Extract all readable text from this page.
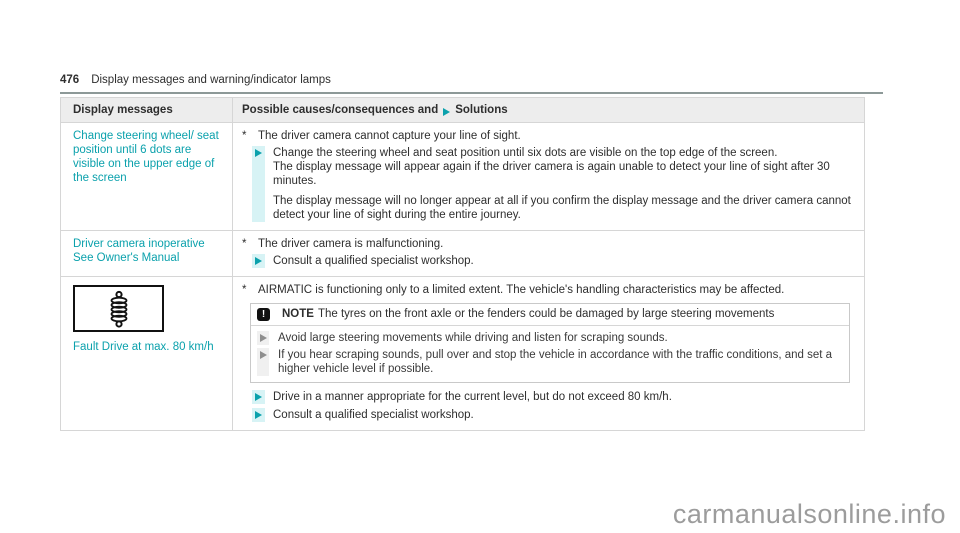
476 Display messages and warning/indicator lamps
Display messages	Possible causes/consequences and Solutions
Change steering wheel/ seat position until 6 dots are visible on the upper edge of the screen
*	The driver camera cannot capture your line of sight.
Change the steering wheel and seat position until six dots are visible on the top edge of the screen.
The display message will appear again if the driver camera is again unable to detect your line of sight after 30 minutes.
The display message will no longer appear at all if you confirm the display message and the driver camera cannot detect your line of sight during the entire journey.
Driver camera inoperative
See Owner's Manual
*	The driver camera is malfunctioning.
Consult a qualified specialist workshop.
Fault Drive at max. 80 km/h
*	AIRMATIC is functioning only to a limited extent. The vehicle's handling characteristics may be affected.
!	NOTE The tyres on the front axle or the fenders could be damaged by large steering movements
Avoid large steering movements while driving and listen for scraping sounds.
If you hear scraping sounds, pull over and stop the vehicle in accordance with the traffic conditions, and set a higher vehicle level if possible.
Drive in a manner appropriate for the current level, but do not exceed 80 km/h.
Consult a qualified specialist workshop.
carmanualsonline.info
